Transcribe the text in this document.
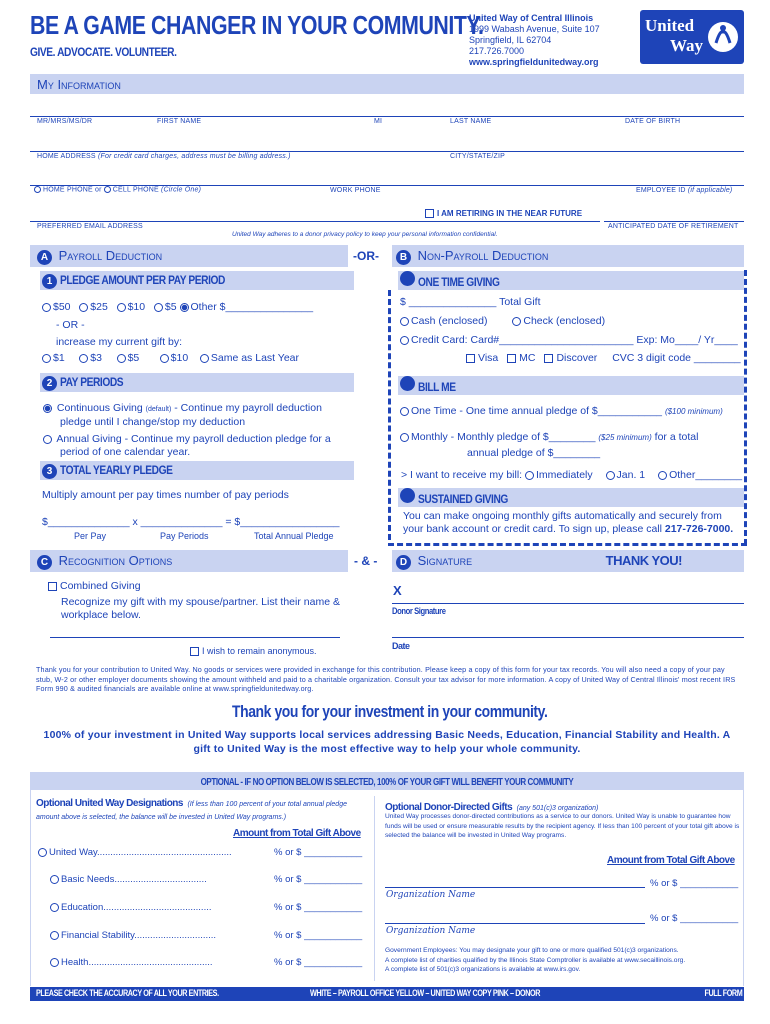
BE A GAME CHANGER IN YOUR COMMUNITY.
GIVE. ADVOCATE. VOLUNTEER.
United Way of Central Illinois
1999 Wabash Avenue, Suite 107
Springfield, IL 62704
217.726.7000
www.springfieldunitedway.org
United
Way
My Information
MR/MRS/MS/DR	FIRST NAME	MI	LAST NAME	DATE OF BIRTH
HOME ADDRESS (For credit card charges, address must be billing address.)	CITY/STATE/ZIP
HOME PHONE or CELL PHONE (Circle One)	WORK PHONE	EMPLOYEE ID (if applicable)
I AM RETIRING IN THE NEAR FUTURE
PREFERRED EMAIL ADDRESS	ANTICIPATED DATE OF RETIREMENT
United Way adheres to a donor privacy policy to keep your personal information confidential.
A Payroll Deduction	-OR-	B Non-Payroll Deduction
1 PLEDGE AMOUNT PER PAY PERIOD
$50 $25 $10 $5 Other $_______________
- OR -
increase my current gift by:
$1 $3 $5	$10 Same as Last Year
2 PAY PERIODS
Continuous Giving (default) - Continue my payroll deduction
pledge until I change/stop my deduction
Annual Giving - Continue my payroll deduction pledge for a
period of one calendar year.
3 TOTAL YEARLY PLEDGE
Multiply amount per pay times number of pay periods
$______________ x ______________ = $_________________
Per Pay	Pay Periods	Total Annual Pledge
ONE TIME GIVING
$ _______________ Total Gift
Cash (enclosed)	Check (enclosed)
Credit Card: Card#_______________________ Exp: Mo____/ Yr____
Visa MC Discover CVC 3 digit code ________
BILL ME
One Time - One time annual pledge of $___________ ($100 minimum)
Monthly - Monthly pledge of $________ ($25 minimum) for a total
annual pledge of $________
> I want to receive my bill: Immediately Jan. 1 Other________
SUSTAINED GIVING
You can make ongoing monthly gifts automatically and securely from
your bank account or credit card. To sign up, please call 217-726-7000.
C Recognition Options	- & -	D Signature	THANK YOU!
Combined Giving
Recognize my gift with my spouse/partner. List their name &
workplace below.
I wish to remain anonymous.
X
Donor Signature
Date
Thank you for your contribution to United Way. No goods or services were provided in exchange for this contribution. Please keep a copy of this form for your tax records. You will also need a copy of your pay stub, W-2 or other employer documents showing the amount withheld and paid to a charitable organization. Consult your tax advisor for more information. A copy of United Way of Central Illinois' most recent IRS Form 990 & audited financials are available online at www.springfieldunitedway.org.
Thank you for your investment in your community.
100% of your investment in United Way supports local services addressing Basic Needs, Education, Financial Stability and Health. A
gift to United Way is the most effective way to help your whole community.
OPTIONAL - IF NO OPTION BELOW IS SELECTED, 100% OF YOUR GIFT WILL BENEFIT YOUR COMMUNITY
Optional United Way Designations (If less than 100 percent of your total annual pledge
amount above is selected, the balance will be invested in United Way programs.)
Amount from Total Gift Above
United Way...................................................	% or $ ___________
Basic Needs...................................	% or $ ___________
Education.........................................	% or $ ___________
Financial Stability...............................	% or $ ___________
Health...............................................	% or $ ___________
Optional Donor-Directed Gifts (any 501(c)3 organization)
United Way processes donor-directed contributions as a service to our donors. United Way is unable to guarantee how funds will be used or ensure measurable results by the recipient agency. If less than 100 percent of your total gift above is selected the balance will be invested in United Way programs.
Amount from Total Gift Above
% or $ ___________
Organization Name
% or $ ___________
Organization Name
Government Employees: You may designate your gift to one or more qualified 501(c)3 organizations.
A complete list of charities qualified by the Illinois State Comptroller is available at www.secaillinois.org.
A complete list of 501(c)3 organizations is available at www.irs.gov.
PLEASE CHECK THE ACCURACY OF ALL YOUR ENTRIES.	WHITE – PAYROLL OFFICE YELLOW – UNITED WAY COPY PINK – DONOR	FULL FORM
